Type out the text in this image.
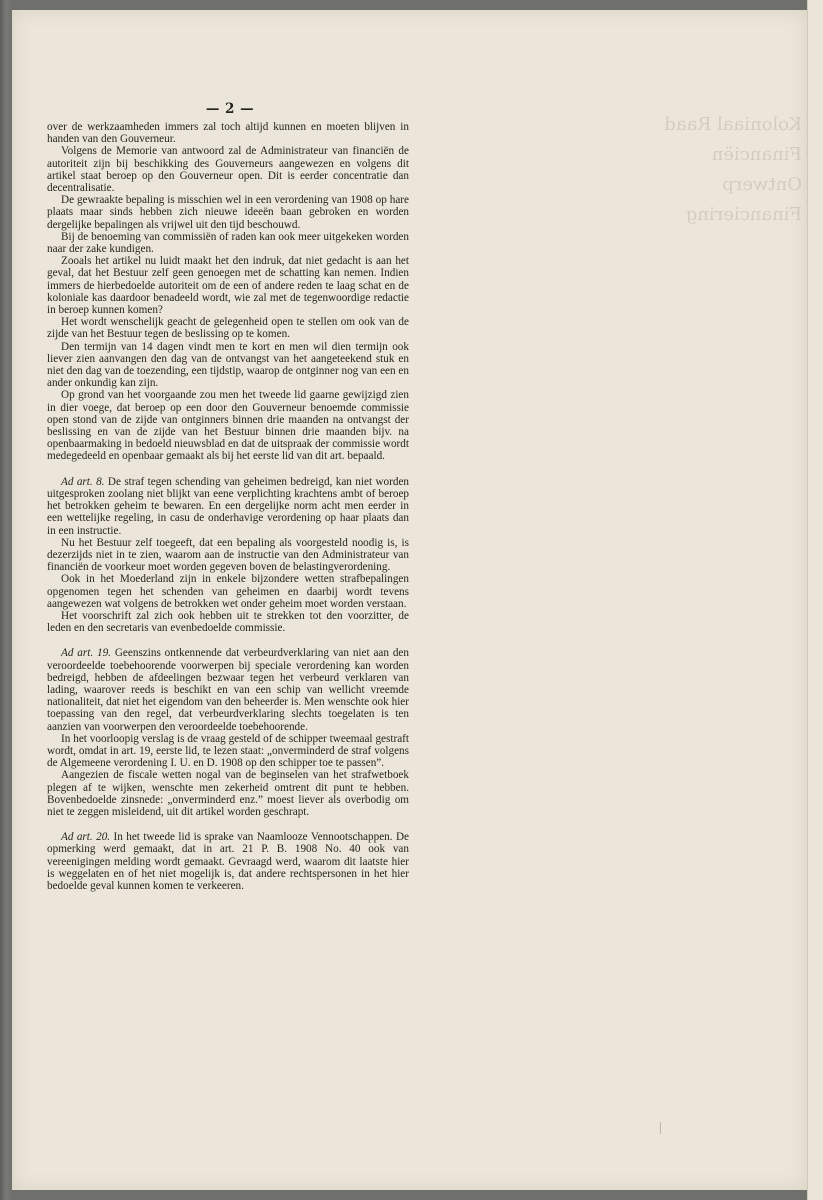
Koloniaal Raad
Financiën
Ontwerp
Financiering
— 2 —

over de werkzaamheden immers zal toch altijd kunnen en moeten blijven in handen van den Gouverneur.

Volgens de Memorie van antwoord zal de Administrateur van financiën de autoriteit zijn bij beschikking des Gouverneurs aangewezen en volgens dit artikel staat beroep op den Gouverneur open. Dit is eerder concentratie dan decentralisatie.

De gewraakte bepaling is misschien wel in een verordening van 1908 op hare plaats maar sinds hebben zich nieuwe ideeën baan gebroken en worden dergelijke bepalingen als vrijwel uit den tijd beschouwd.

Bij de benoeming van commissiën of raden kan ook meer uitgekeken worden naar der zake kundigen.

Zooals het artikel nu luidt maakt het den indruk, dat niet gedacht is aan het geval, dat het Bestuur zelf geen genoegen met de schatting kan nemen. Indien immers de hierbedoelde autoriteit om de een of andere reden te laag schat en de koloniale kas daardoor benadeeld wordt, wie zal met de tegenwoordige redactie in beroep kunnen komen?

Het wordt wenschelijk geacht de gelegenheid open te stellen om ook van de zijde van het Bestuur tegen de beslissing op te komen.

Den termijn van 14 dagen vindt men te kort en men wil dien termijn ook liever zien aanvangen den dag van de ontvangst van het aangeteekend stuk en niet den dag van de toezending, een tijdstip, waarop de ontginner nog van een en ander onkundig kan zijn.

Op grond van het voorgaande zou men het tweede lid gaarne gewijzigd zien in dier voege, dat beroep op een door den Gouverneur benoemde commissie open stond van de zijde van ontginners binnen drie maanden na ontvangst der beslissing en van de zijde van het Bestuur binnen drie maanden bijv. na openbaarmaking in bedoeld nieuwsblad en dat de uitspraak der commissie wordt medegedeeld en openbaar gemaakt als bij het eerste lid van dit art. bepaald.

Ad art. 8. De straf tegen schending van geheimen bedreigd, kan niet worden uitgesproken zoolang niet blijkt van eene verplichting krachtens ambt of beroep het betrokken geheim te bewaren. En een dergelijke norm acht men eerder in een wettelijke regeling, in casu de onderhavige verordening op haar plaats dan in een instructie.

Nu het Bestuur zelf toegeeft, dat een bepaling als voorgesteld noodig is, is dezerzijds niet in te zien, waarom aan de instructie van den Administrateur van financiën de voorkeur moet worden gegeven boven de belastingverordening.

Ook in het Moederland zijn in enkele bijzondere wetten strafbepalingen opgenomen tegen het schenden van geheimen en daarbij wordt tevens aangewezen wat volgens de betrokken wet onder geheim moet worden verstaan.

Het voorschrift zal zich ook hebben uit te strekken tot den voorzitter, de leden en den secretaris van evenbedoelde commissie.

Ad art. 19. Geenszins ontkennende dat verbeurdverklaring van niet aan den veroordeelde toebehoorende voorwerpen bij speciale verordening kan worden bedreigd, hebben de afdeelingen bezwaar tegen het verbeurd verklaren van lading, waarover reeds is beschikt en van een schip van wellicht vreemde nationaliteit, dat niet het eigendom van den beheerder is. Men wenschte ook hier toepassing van den regel, dat verbeurdverklaring slechts toegelaten is ten aanzien van voorwerpen den veroordeelde toebehoorende.

In het voorloopig verslag is de vraag gesteld of de schipper tweemaal gestraft wordt, omdat in art. 19, eerste lid, te lezen staat: „onverminderd de straf volgens de Algemeene verordening I. U. en D. 1908 op den schipper toe te passen”.

Aangezien de fiscale wetten nogal van de beginselen van het strafwetboek plegen af te wijken, wenschte men zekerheid omtrent dit punt te hebben. Bovenbedoelde zinsnede: „onverminderd enz.” moest liever als overbodig om niet te zeggen misleidend, uit dit artikel worden geschrapt.

Ad art. 20. In het tweede lid is sprake van Naamlooze Vennootschappen. De opmerking werd gemaakt, dat in art. 21 P. B. 1908 No. 40 ook van vereenigingen melding wordt gemaakt. Gevraagd werd, waarom dit laatste hier is weggelaten en of het niet mogelijk is, dat andere rechtspersonen in het hier bedoelde geval kunnen komen te verkeeren.
